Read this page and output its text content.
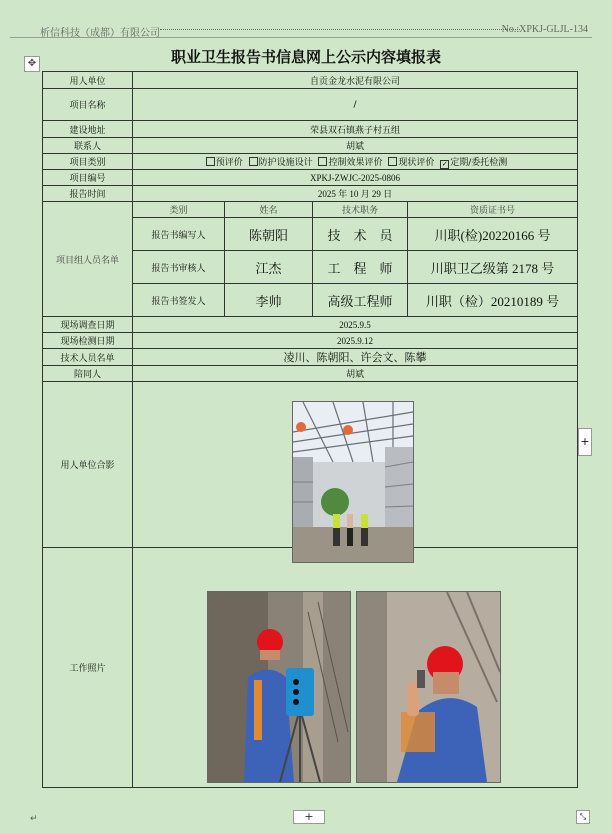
析信科技（成都）有限公司	No.:XPKJ-GLJL-134
✥	职业卫生报告书信息网上公示内容填报表
用人单位	自贡金龙水泥有限公司			
项目名称	/			
建设地址	荣县双石镇燕子村五组			
联系人	胡斌			
项目类别	预评价 防护设施设计 控制效果评价 现状评价 ✓ 定期/委托检测			
项目编号	XPKJ-ZWJC-2025-0806			
报告时间	2025 年 10 月 29 日			
项目组人员名单	类别	姓名	技术职务	资质证书号
	报告书编写人	陈朝阳	技　术　员	川职(检)20220166 号
	报告书审核人	江杰	工　程　师	川职卫乙级第 2178 号
	报告书签发人	李帅	高级工程师	川职（检）20210189 号
现场调查日期	2025.9.5			
现场检测日期	2025.9.12			
技术人员名单	凌川、陈朝阳、许会文、陈攀			
陪同人	胡斌			
用人单位合影				
工作照片				
+
+
⤡
↵
